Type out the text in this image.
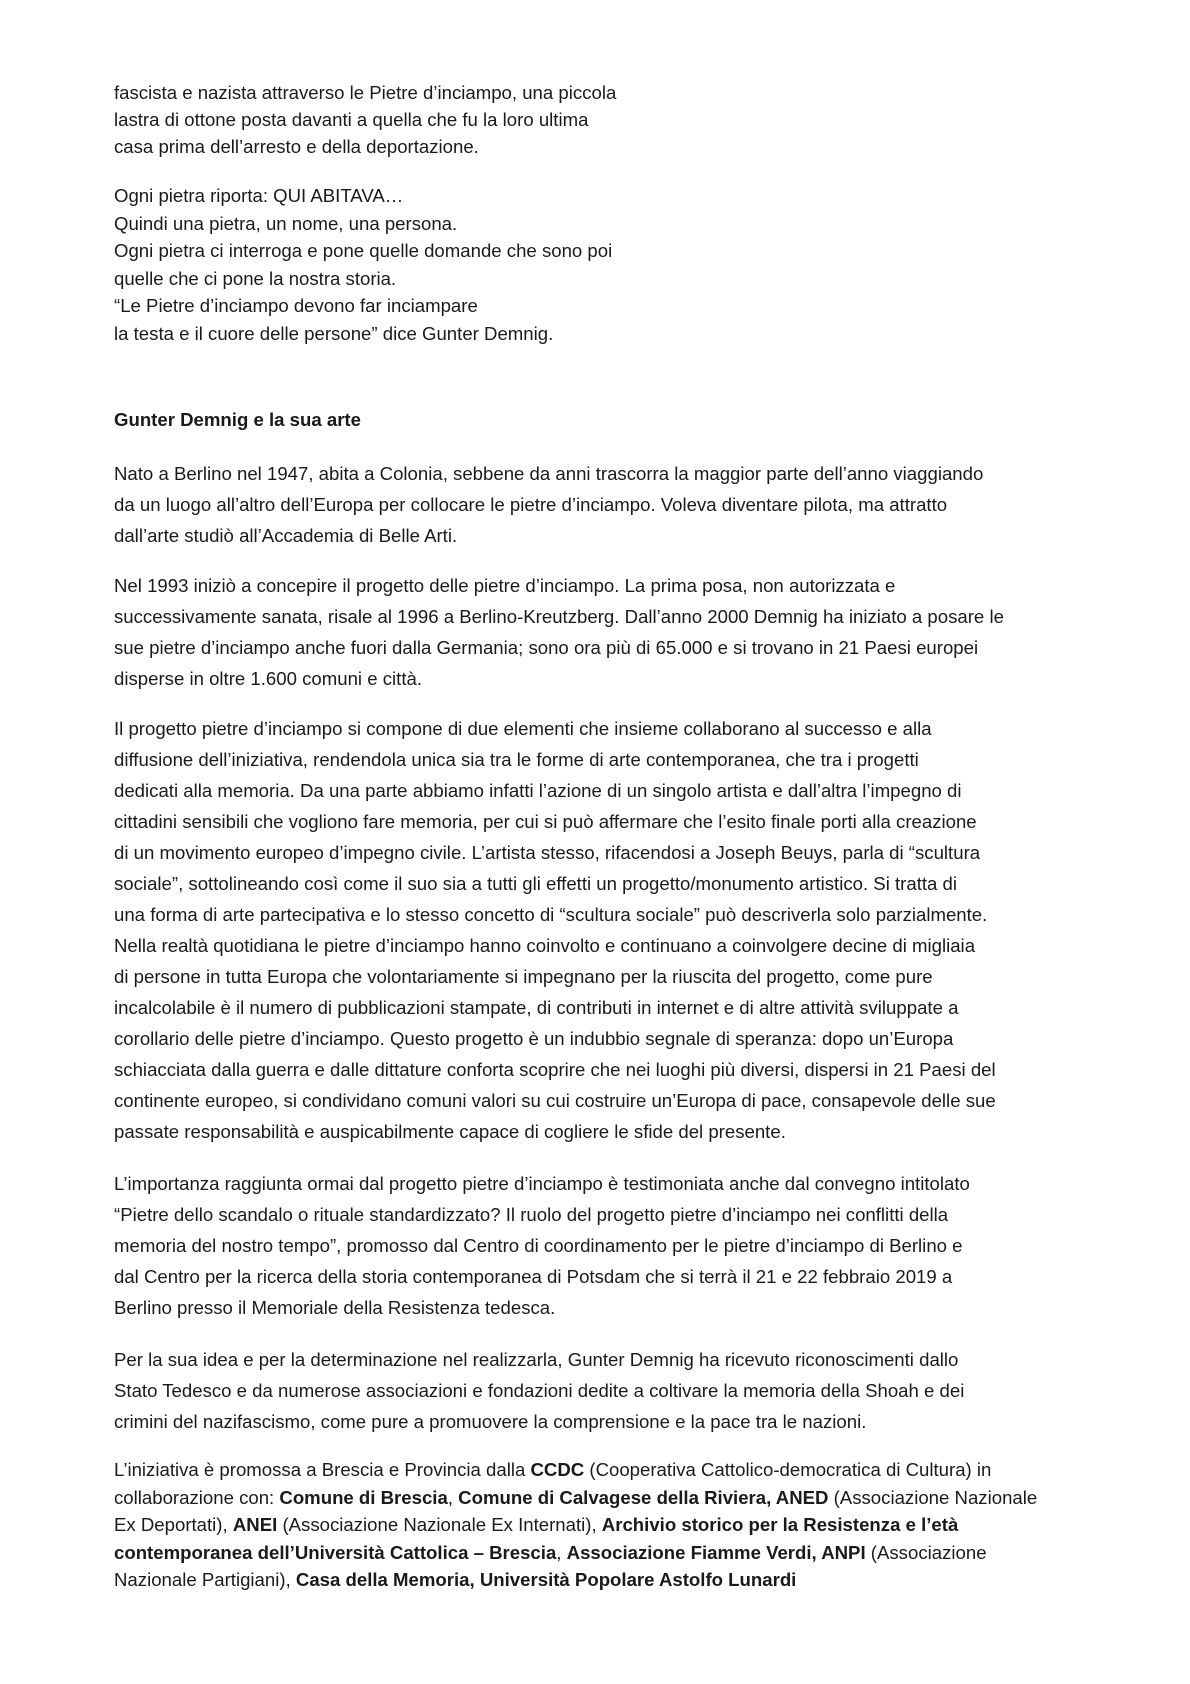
fascista e nazista attraverso le Pietre d’inciampo, una piccola
lastra di ottone posta davanti a quella che fu la loro ultima
casa prima dell’arresto e della deportazione.
Ogni pietra riporta: QUI ABITAVA…
Quindi una pietra, un nome, una persona.
Ogni pietra ci interroga e pone quelle domande che sono poi
quelle che ci pone la nostra storia.
“Le Pietre d’inciampo devono far inciampare
la testa e il cuore delle persone” dice Gunter Demnig.
Gunter Demnig e la sua arte
Nato a Berlino nel 1947, abita a Colonia, sebbene da anni trascorra la maggior parte dell’anno viaggiando
da un luogo all’altro dell’Europa per collocare le pietre d’inciampo. Voleva diventare pilota, ma attratto
dall’arte studiò all’Accademia di Belle Arti.
Nel 1993 iniziò a concepire il progetto delle pietre d’inciampo. La prima posa, non autorizzata e
successivamente sanata, risale al 1996 a Berlino-Kreutzberg. Dall’anno 2000 Demnig ha iniziato a posare le
sue pietre d’inciampo anche fuori dalla Germania; sono ora più di 65.000 e si trovano in 21 Paesi europei
disperse in oltre 1.600 comuni e città.
Il progetto pietre d’inciampo si compone di due elementi che insieme collaborano al successo e alla
diffusione dell’iniziativa, rendendola unica sia tra le forme di arte contemporanea, che tra i progetti
dedicati alla memoria. Da una parte abbiamo infatti l’azione di un singolo artista e dall’altra l’impegno di
cittadini sensibili che vogliono fare memoria, per cui si può affermare che l’esito finale porti alla creazione
di un movimento europeo d’impegno civile. L’artista stesso, rifacendosi a Joseph Beuys, parla di “scultura
sociale”, sottolineando così come il suo sia a tutti gli effetti un progetto/monumento artistico. Si tratta di
una forma di arte partecipativa e lo stesso concetto di “scultura sociale” può descriverla solo parzialmente.
Nella realtà quotidiana le pietre d’inciampo hanno coinvolto e continuano a coinvolgere decine di migliaia
di persone in tutta Europa che volontariamente si impegnano per la riuscita del progetto, come pure
incalcolabile è il numero di pubblicazioni stampate, di contributi in internet e di altre attività sviluppate a
corollario delle pietre d’inciampo. Questo progetto è un indubbio segnale di speranza: dopo un’Europa
schiacciata dalla guerra e dalle dittature conforta scoprire che nei luoghi più diversi, dispersi in 21 Paesi del
continente europeo, si condividano comuni valori su cui costruire un’Europa di pace, consapevole delle sue
passate responsabilità e auspicabilmente capace di cogliere le sfide del presente.
L’importanza raggiunta ormai dal progetto pietre d’inciampo è testimoniata anche dal convegno intitolato
“Pietre dello scandalo o rituale standardizzato? Il ruolo del progetto pietre d’inciampo nei conflitti della
memoria del nostro tempo”, promosso dal Centro di coordinamento per le pietre d’inciampo di Berlino e
dal Centro per la ricerca della storia contemporanea di Potsdam che si terrà il 21 e 22 febbraio 2019 a
Berlino presso il Memoriale della Resistenza tedesca.
Per la sua idea e per la determinazione nel realizzarla, Gunter Demnig ha ricevuto riconoscimenti dallo
Stato Tedesco e da numerose associazioni e fondazioni dedite a coltivare la memoria della Shoah e dei
crimini del nazifascismo, come pure a promuovere la comprensione e la pace tra le nazioni.
L’iniziativa è promossa a Brescia e Provincia dalla CCDC (Cooperativa Cattolico-democratica di Cultura) in
collaborazione con: Comune di Brescia, Comune di Calvagese della Riviera, ANED (Associazione Nazionale
Ex Deportati), ANEI (Associazione Nazionale Ex Internati), Archivio storico per la Resistenza e l’età
contemporanea dell’Università Cattolica – Brescia, Associazione Fiamme Verdi, ANPI (Associazione
Nazionale Partigiani), Casa della Memoria, Università Popolare Astolfo Lunardi
